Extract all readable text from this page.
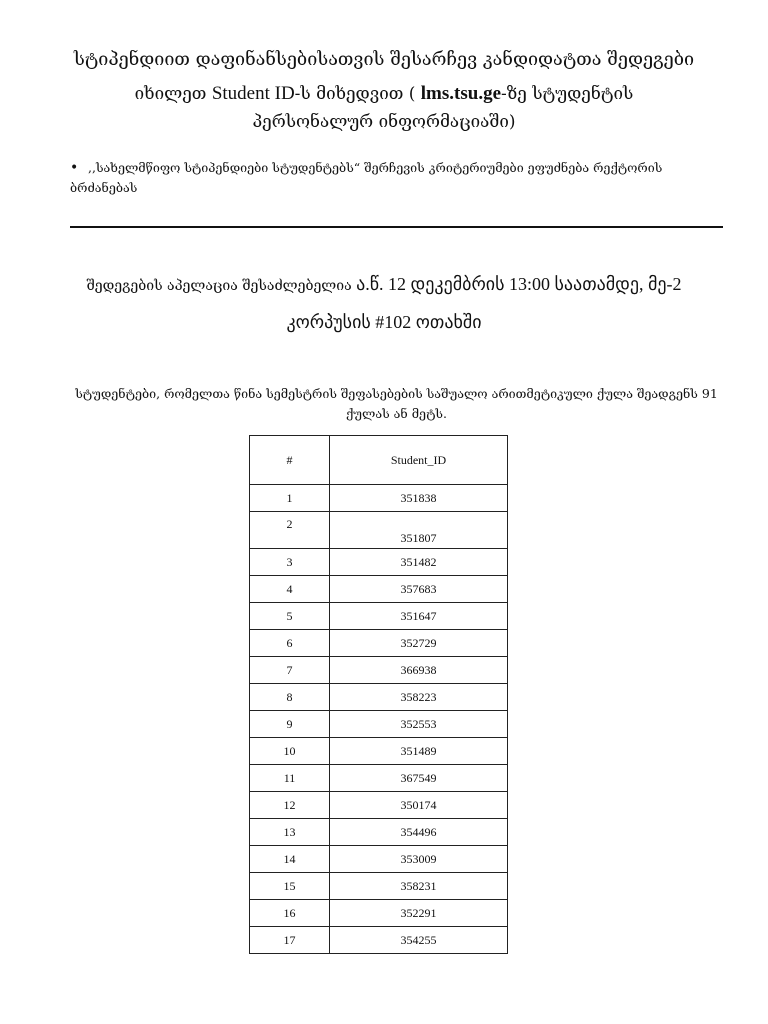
სტიპენდიით დაფინანსებისათვის შესარჩევ კანდიდატთა შედეგები
იხილეთ Student ID-ს მიხედვით ( lms.tsu.ge-ზე სტუდენტის
პერსონალურ ინფორმაციაში)
• ,,სახელმწიფო სტიპენდიები სტუდენტებს“ შერჩევის კრიტერიუმები ეფუძნება რექტორის ბრძანებას
შედეგების აპელაცია შესაძლებელია ა.წ. 12 დეკემბრის 13:00 საათამდე, მე-2
კორპუსის #102 ოთახში
სტუდენტები, რომელთა წინა სემესტრის შეფასებების საშუალო არითმეტიკული ქულა შეადგენს 91 ქულას ან მეტს.
#	Student_ID
1	351838
2	351807
3	351482
4	357683
5	351647
6	352729
7	366938
8	358223
9	352553
10	351489
11	367549
12	350174
13	354496
14	353009
15	358231
16	352291
17	354255
